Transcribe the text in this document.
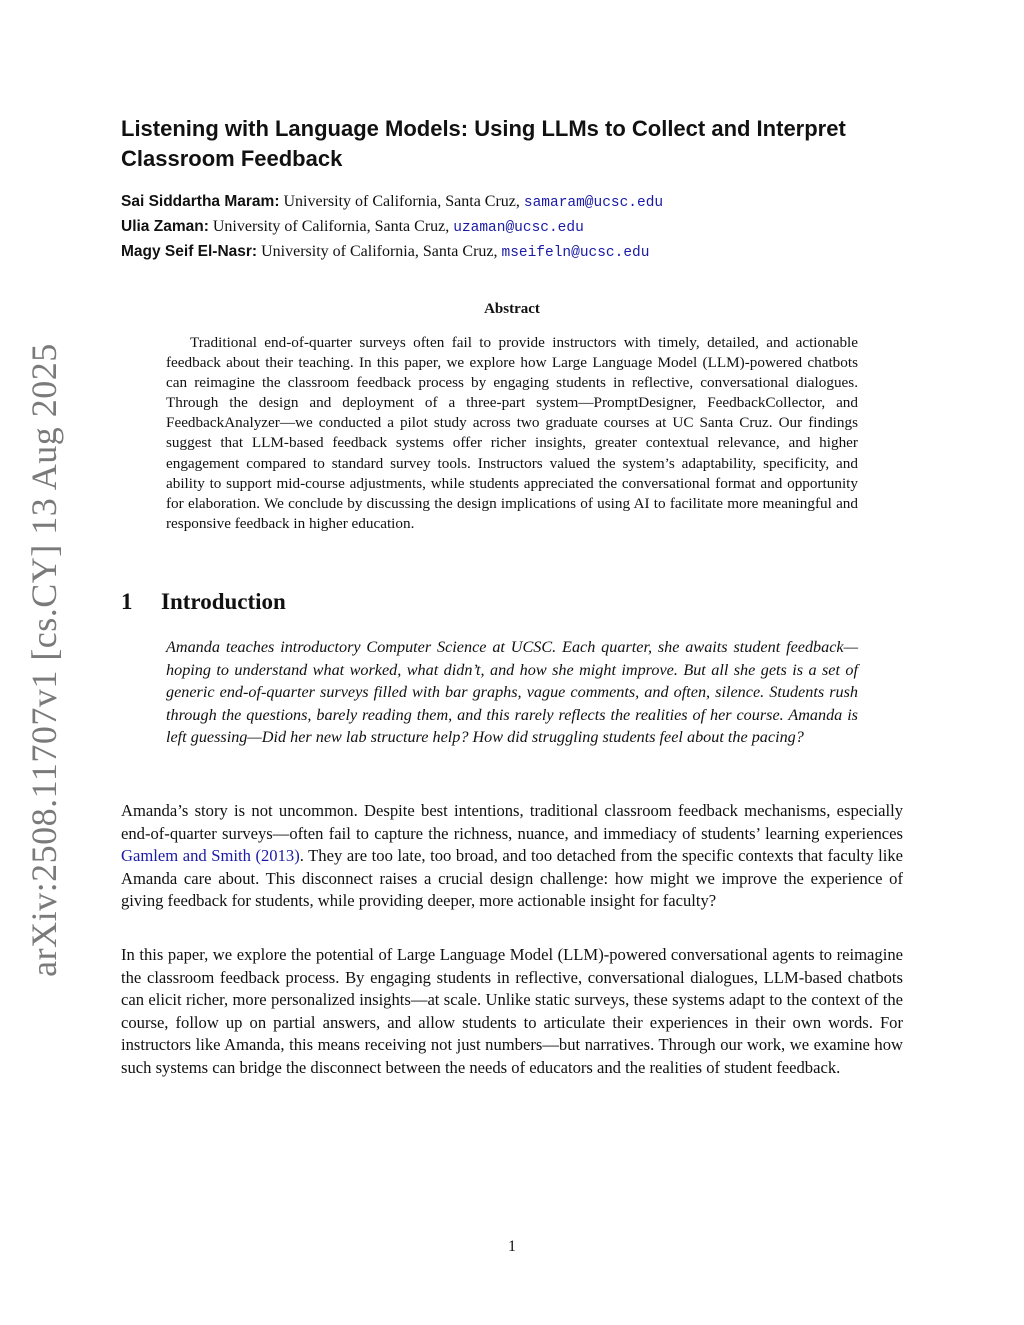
arXiv:2508.11707v1 [cs.CY] 13 Aug 2025
Listening with Language Models: Using LLMs to Collect and Interpret Classroom Feedback
Sai Siddartha Maram: University of California, Santa Cruz, samaram@ucsc.edu
Ulia Zaman: University of California, Santa Cruz, uzaman@ucsc.edu
Magy Seif El-Nasr: University of California, Santa Cruz, mseifeln@ucsc.edu
Abstract

Traditional end-of-quarter surveys often fail to provide instructors with timely, detailed, and actionable feedback about their teaching. In this paper, we explore how Large Language Model (LLM)-powered chatbots can reimagine the classroom feedback process by engaging students in reflective, conversational dialogues. Through the design and deployment of a three-part system—PromptDesigner, FeedbackCollector, and FeedbackAnalyzer—we conducted a pilot study across two graduate courses at UC Santa Cruz. Our findings suggest that LLM-based feedback systems offer richer insights, greater contextual relevance, and higher engagement compared to standard survey tools. Instructors valued the system’s adaptability, specificity, and ability to support mid-course adjustments, while students appreciated the conversational format and opportunity for elaboration. We conclude by discussing the design implications of using AI to facilitate more meaningful and responsive feedback in higher education.

1 Introduction

Amanda teaches introductory Computer Science at UCSC. Each quarter, she awaits student feedback—hoping to understand what worked, what didn’t, and how she might improve. But all she gets is a set of generic end-of-quarter surveys filled with bar graphs, vague comments, and often, silence. Students rush through the questions, barely reading them, and this rarely reflects the realities of her course. Amanda is left guessing—Did her new lab structure help? How did struggling students feel about the pacing?

Amanda’s story is not uncommon. Despite best intentions, traditional classroom feedback mechanisms, especially end-of-quarter surveys—often fail to capture the richness, nuance, and immediacy of students’ learning experiences Gamlem and Smith (2013). They are too late, too broad, and too detached from the specific contexts that faculty like Amanda care about. This disconnect raises a crucial design challenge: how might we improve the experience of giving feedback for students, while providing deeper, more actionable insight for faculty?

In this paper, we explore the potential of Large Language Model (LLM)-powered conversational agents to reimagine the classroom feedback process. By engaging students in reflective, conversational dialogues, LLM-based chatbots can elicit richer, more personalized insights—at scale. Unlike static surveys, these systems adapt to the context of the course, follow up on partial answers, and allow students to articulate their experiences in their own words. For instructors like Amanda, this means receiving not just numbers—but narratives. Through our work, we examine how such systems can bridge the disconnect between the needs of educators and the realities of student feedback.

1
